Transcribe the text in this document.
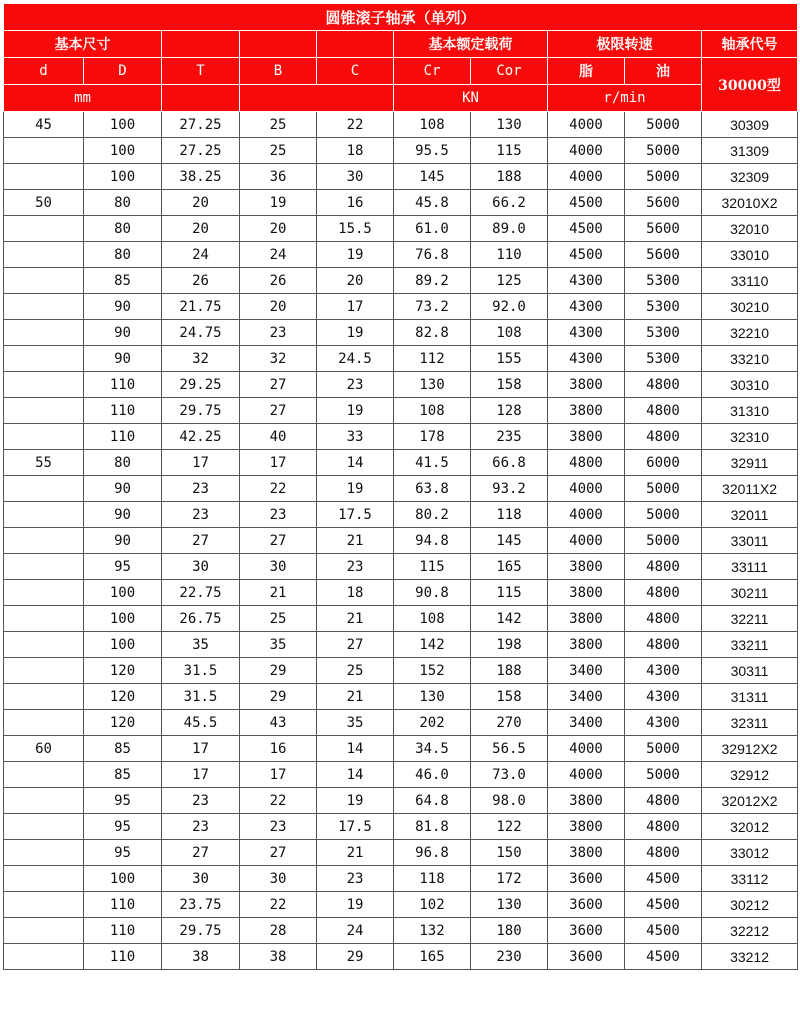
圆锥滚子轴承（单列）									
基本尺寸					基本额定载荷		极限转速		轴承代号
d	D	T	B	C	Cr	Cor	脂	油	30000型
mm					KN		r/min		
45	100	27.25	25	22	108	130	4000	5000	30309
	100	27.25	25	18	95.5	115	4000	5000	31309
	100	38.25	36	30	145	188	4000	5000	32309
50	80	20	19	16	45.8	66.2	4500	5600	32010X2
	80	20	20	15.5	61.0	89.0	4500	5600	32010
	80	24	24	19	76.8	110	4500	5600	33010
	85	26	26	20	89.2	125	4300	5300	33110
	90	21.75	20	17	73.2	92.0	4300	5300	30210
	90	24.75	23	19	82.8	108	4300	5300	32210
	90	32	32	24.5	112	155	4300	5300	33210
	110	29.25	27	23	130	158	3800	4800	30310
	110	29.75	27	19	108	128	3800	4800	31310
	110	42.25	40	33	178	235	3800	4800	32310
55	80	17	17	14	41.5	66.8	4800	6000	32911
	90	23	22	19	63.8	93.2	4000	5000	32011X2
	90	23	23	17.5	80.2	118	4000	5000	32011
	90	27	27	21	94.8	145	4000	5000	33011
	95	30	30	23	115	165	3800	4800	33111
	100	22.75	21	18	90.8	115	3800	4800	30211
	100	26.75	25	21	108	142	3800	4800	32211
	100	35	35	27	142	198	3800	4800	33211
	120	31.5	29	25	152	188	3400	4300	30311
	120	31.5	29	21	130	158	3400	4300	31311
	120	45.5	43	35	202	270	3400	4300	32311
60	85	17	16	14	34.5	56.5	4000	5000	32912X2
	85	17	17	14	46.0	73.0	4000	5000	32912
	95	23	22	19	64.8	98.0	3800	4800	32012X2
	95	23	23	17.5	81.8	122	3800	4800	32012
	95	27	27	21	96.8	150	3800	4800	33012
	100	30	30	23	118	172	3600	4500	33112
	110	23.75	22	19	102	130	3600	4500	30212
	110	29.75	28	24	132	180	3600	4500	32212
	110	38	38	29	165	230	3600	4500	33212
